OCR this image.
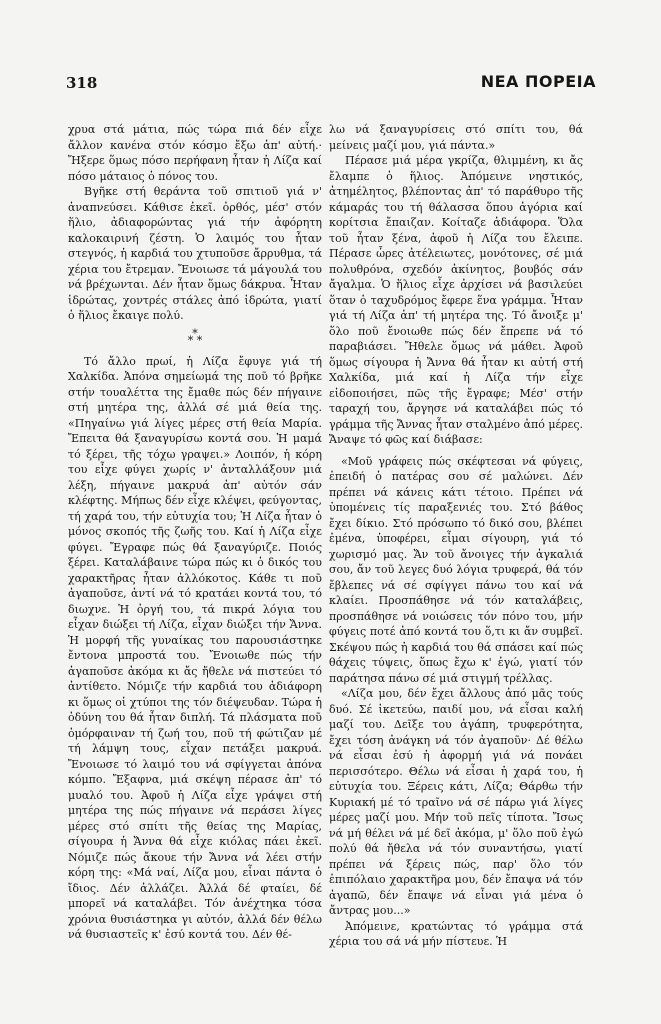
318	ΝΕΑ ΠΟΡΕΙΑ

χρυα στά μάτια, πώς τώρα πιά δέν εἶχε ἄλλον κανένα στόν κόσμο ἔξω ἀπ' αὐτή.· Ἤξερε ὅμως πόσο περήφανη ἦταν ἡ Λίζα καί πόσο μάταιος ὁ πόνος του.

Βγῆκε στή θεράντα τοῦ σπιτιοῦ γιά ν' ἀναπνεύσει. Κάθισε ἐκεῖ. ὀρθός, μέσ' στόν ἥλιο, ἀδιαφορώντας γιά τήν ἀφόρητη καλοκαιρινή ζέστη. Ὁ λαιμός του ἦταν στεγνός, ἡ καρδιά του χτυποῦσε ἄρρυθμα, τά χέρια του ἔτρεμαν. Ἔνοιωσε τά μάγουλά του νά βρέχωνται. Δέν ἦταν ὅμως δάκρυα. Ἦταν ἱδρώτας, χοντρές στάλες ἀπό ἱδρώτα, γιατί ὁ ἥλιος ἔκαιγε πολύ.

*
* *

Τό ἄλλο πρωί, ἡ Λίζα ἔφυγε γιά τή Χαλκίδα. Ἀπόνα σημείωμά της ποῦ τό βρῆκε στήν τουαλέττα της ἔμαθε πώς δέν πήγαινε στή μητέρα της, ἀλλά σέ μιά θεία της. «Πηγαίνω γιά λίγες μέρες στή θεία Μαρία. Ἔπειτα θά ξαναγυρίσω κοντά σου. Ἡ μαμά τό ξέρει, τῆς τόχω γραψει.» Λοιπόν, ἡ κόρη του εἶχε φύγει χωρίς ν' ἀνταλλάξουν μιά λέξη, πήγαινε μακρυά ἀπ' αὐτόν σάν κλέφτης. Μήπως δέν εἶχε κλέψει, φεύγοντας, τή χαρά του, τήν εὐτυχία του; Ἡ Λίζα ἦταν ὁ μόνος σκοπός τῆς ζωῆς του. Καί ἡ Λίζα εἶχε φύγει. Ἔγραφε πώς θά ξαναγύριζε. Ποιός ξέρει. Καταλάβαινε τώρα πώς κι ὁ δικός του χαρακτῆρας ἦταν ἀλλόκοτος. Κάθε τι ποῦ ἀγαποῦσε, ἀντί νά τό κρατάει κοντά του, τό διωχνε. Ἡ ὀργή του, τά πικρά λόγια του εἶχαν διώξει τή Λίζα, εἶχαν διώξει τήν Ἄννα. Ἡ μορφή τῆς γυναίκας του παρουσιάστηκε ἔντονα μπροστά του. Ἔνοιωθε πώς τήν ἀγαποῦσε ἀκόμα κι ἄς ἤθελε νά πιστεύει τό ἀντίθετο. Νόμιζε τήν καρδιά του ἀδιάφορη κι ὅμως οἱ χτύποι της τόν διέψευδαν. Τώρα ἡ ὀδύνη του θά ἦταν διπλή. Τά πλάσματα ποῦ ὀμόρφαιναν τή ζωή του, ποῦ τή φώτιζαν μέ τή λάμψη τους, εἶχαν πετάξει μακρυά. Ἔνοιωσε τό λαιμό του νά σφίγγεται ἀπόνα κόμπο. Ἔξαφνα, μιά σκέψη πέρασε ἀπ' τό μυαλό του. Ἀφοῦ ἡ Λίζα εἶχε γράψει στή μητέρα της πώς πήγαινε νά περάσει λίγες μέρες στό σπίτι τῆς θείας της Μαρίας, σίγουρα ἡ Ἄννα θά εἶχε κιόλας πάει ἐκεῖ. Νόμιζε πώς ἄκουε τήν Ἄννα νά λέει στήν κόρη της: «Μά ναί, Λίζα μου, εἶναι πάντα ὁ ἴδιος. Δέν ἀλλάζει. Ἀλλά δέ φταίει, δέ μπορεῖ νά καταλάβει. Τόν ἀνέχτηκα τόσα χρόνια θυσιάστηκα γι αὐτόν, ἀλλά δέν θέλω νά θυσιαστεῖς κ' ἐσύ κοντά του. Δέν θέ-

λω νά ξαναγυρίσεις στό σπίτι του, θά μείνεις μαζί μου, γιά πάντα.»

Πέρασε μιά μέρα γκρίζα, θλιμμένη, κι ἄς ἔλαμπε ὁ ἥλιος. Ἀπόμεινε νηστικός, ἀτημέλητος, βλέποντας ἀπ' τό παράθυρο τῆς κάμαράς του τή θάλασσα ὅπου ἀγόρια καί κορίτσια ἔπαιζαν. Κοίταζε ἀδιάφορα. Ὅλα τοῦ ἦταν ξένα, ἀφοῦ ἡ Λίζα του ἔλειπε. Πέρασε ὧρες ἀτέλειωτες, μονότονες, σέ μιά πολυθρόνα, σχεδόν ἀκίνητος, βουβός σάν ἄγαλμα. Ὁ ἥλιος εἶχε ἀρχίσει νά βασιλεύει ὅταν ὁ ταχυδρόμος ἔφερε ἕνα γράμμα. Ἦταν γιά τή Λίζα ἀπ' τή μητέρα της. Τό ἄνοιξε μ' ὅλο ποῦ ἔνοιωθε πώς δέν ἔπρεπε νά τό παραβιάσει. Ἤθελε ὅμως νά μάθει. Ἀφοῦ ὅμως σίγουρα ἡ Ἄννα θά ἦταν κι αὐτή στή Χαλκίδα, μιά καί ἡ Λίζα τήν εἶχε εἰδοποιήσει, πῶς τῆς ἔγραφε; Μέσ' στήν ταραχή του, ἄργησε νά καταλάβει πώς τό γράμμα τῆς Ἄννας ἦταν σταλμένο ἀπό μέρες. Ἄναψε τό φῶς καί διάβασε:

«Μοῦ γράφεις πώς σκέφτεσαι νά φύγεις, ἐπειδή ὁ πατέρας σου σέ μαλώνει. Δέν πρέπει νά κάνεις κάτι τέτοιο. Πρέπει νά ὑπομένεις τίς παραξενιές του. Στό βάθος ἔχει δίκιο. Στό πρόσωπο τό δικό σου, βλέπει ἐμένα, ὑποφέρει, εἶμαι σίγουρη, γιά τό χωρισμό μας. Ἄν τοῦ ἄνοιγες τήν ἀγκαλιά σου, ἄν τοῦ λεγες δυό λόγια τρυφερά, θά τόν ἔβλεπες νά σέ σφίγγει πάνω του καί νά κλαίει. Προσπάθησε νά τόν καταλάβεις, προσπάθησε νά νοιώσεις τόν πόνο του, μήν φύγεις ποτέ ἀπό κοντά του ὅ,τι κι ἄν συμβεῖ. Σκέψου πώς ἡ καρδιά του θά σπάσει καί πώς θάχεις τύψεις, ὅπως ἔχω κ' ἐγώ, γιατί τόν παράτησα πάνω σέ μιά στιγμή τρέλλας.

«Λίζα μου, δέν ἔχει ἄλλους ἀπό μᾶς τούς δυό. Σέ ἱκετεύω, παιδί μου, νά εἶσαι καλή μαζί του. Δεῖξε του ἀγάπη, τρυφερότητα, ἔχει τόση ἀνάγκη νά τόν ἀγαποῦν· Δέ θέλω νά εἶσαι ἐσύ ἡ ἀφορμή γιά νά πονάει περισσότερο. Θέλω νά εἶσαι ἡ χαρά του, ἡ εὐτυχία του. Ξέρεις κάτι, Λίζα; Θάρθω τήν Κυριακή μέ τό τραῖνο νά σέ πάρω γιά λίγες μέρες μαζί μου. Μήν τοῦ πεῖς τίποτα. Ἴσως νά μή θέλει νά μέ δεῖ ἀκόμα, μ' ὅλο ποῦ ἐγώ πολύ θά ἤθελα νά τόν συναντήσω, γιατί πρέπει νά ξέρεις πώς, παρ' ὅλο τόν ἐπιπόλαιο χαρακτῆρα μου, δέν ἔπαψα νά τόν ἀγαπῶ, δέν ἔπαψε νά εἶναι γιά μένα ὁ ἄντρας μου...»

Ἀπόμεινε, κρατώντας τό γράμμα στά χέρια του σά νά μήν πίστευε. Ἡ
